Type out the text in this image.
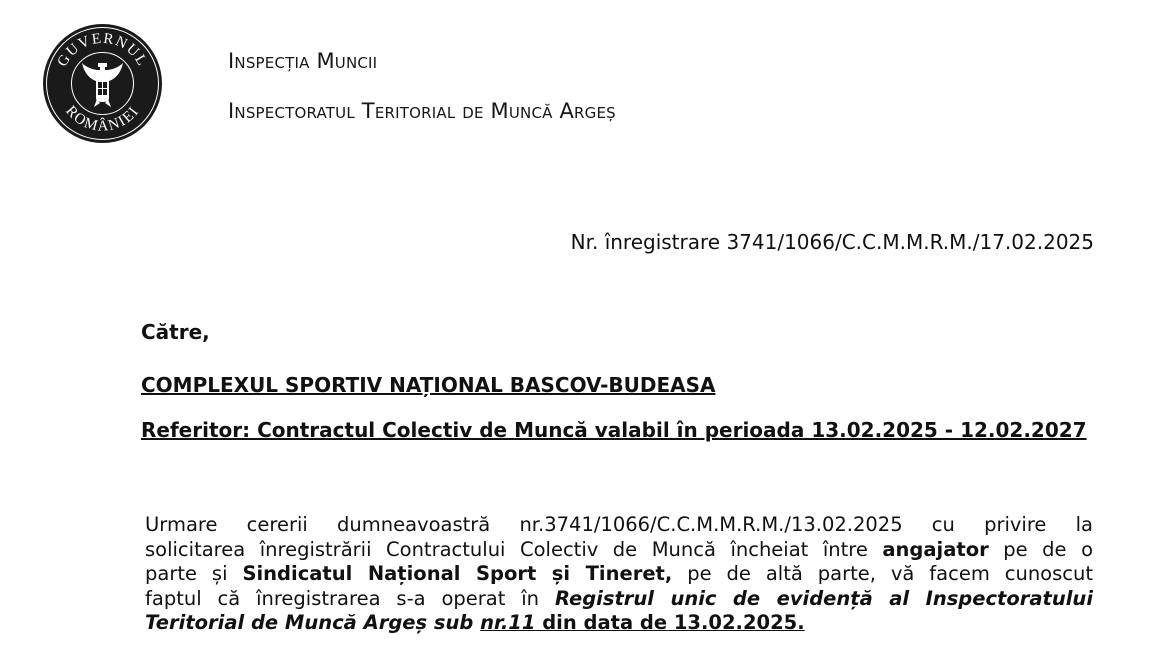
GUVERNUL
ROMÂNIEI
Inspecția Muncii
Inspectoratul Teritorial de Muncă Argeș
Nr. înregistrare 3741/1066/C.C.M.M.R.M./17.02.2025
Către,
COMPLEXUL SPORTIV NAȚIONAL BASCOV-BUDEASA
Referitor: Contractul Colectiv de Muncă valabil în perioada 13.02.2025 - 12.02.2027
Urmare cererii dumneavoastră nr.3741/1066/C.C.M.M.R.M./13.02.2025 cu privire la
solicitarea înregistrării Contractului Colectiv de Muncă încheiat între angajator pe de o
parte și Sindicatul Național Sport și Tineret, pe de altă parte, vă facem cunoscut
faptul că înregistrarea s-a operat în Registrul unic de evidență al Inspectoratului
Teritorial de Muncă Argeș sub nr.11 din data de 13.02.2025.
